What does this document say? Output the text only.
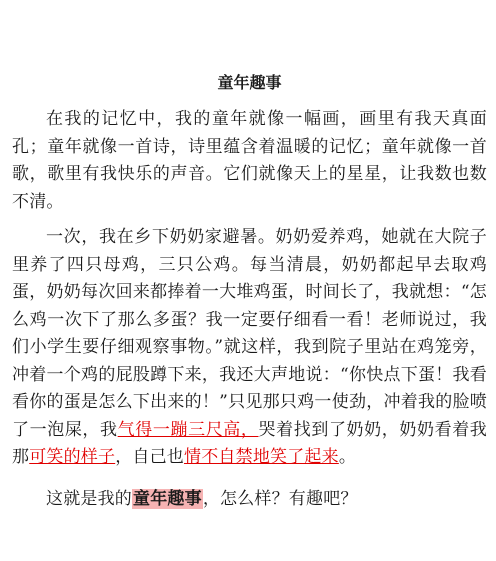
童年趣事

在我的记忆中，我的童年就像一幅画，画里有我天真面孔；童年就像一首诗，诗里蕴含着温暖的记忆；童年就像一首歌，歌里有我快乐的声音。它们就像天上的星星，让我数也数不清。

一次，我在乡下奶奶家避暑。奶奶爱养鸡，她就在大院子里养了四只母鸡，三只公鸡。每当清晨，奶奶都起早去取鸡蛋，奶奶每次回来都捧着一大堆鸡蛋，时间长了，我就想：“怎么鸡一次下了那么多蛋？我一定要仔细看一看！老师说过，我们小学生要仔细观察事物。”就这样，我到院子里站在鸡笼旁，冲着一个鸡的屁股蹲下来，我还大声地说：“你快点下蛋！我看看你的蛋是怎么下出来的！”只见那只鸡一使劲，冲着我的脸喷了一泡屎，我气得一蹦三尺高，哭着找到了奶奶，奶奶看着我那可笑的样子，自己也情不自禁地笑了起来。

这就是我的童年趣事，怎么样？有趣吧？
